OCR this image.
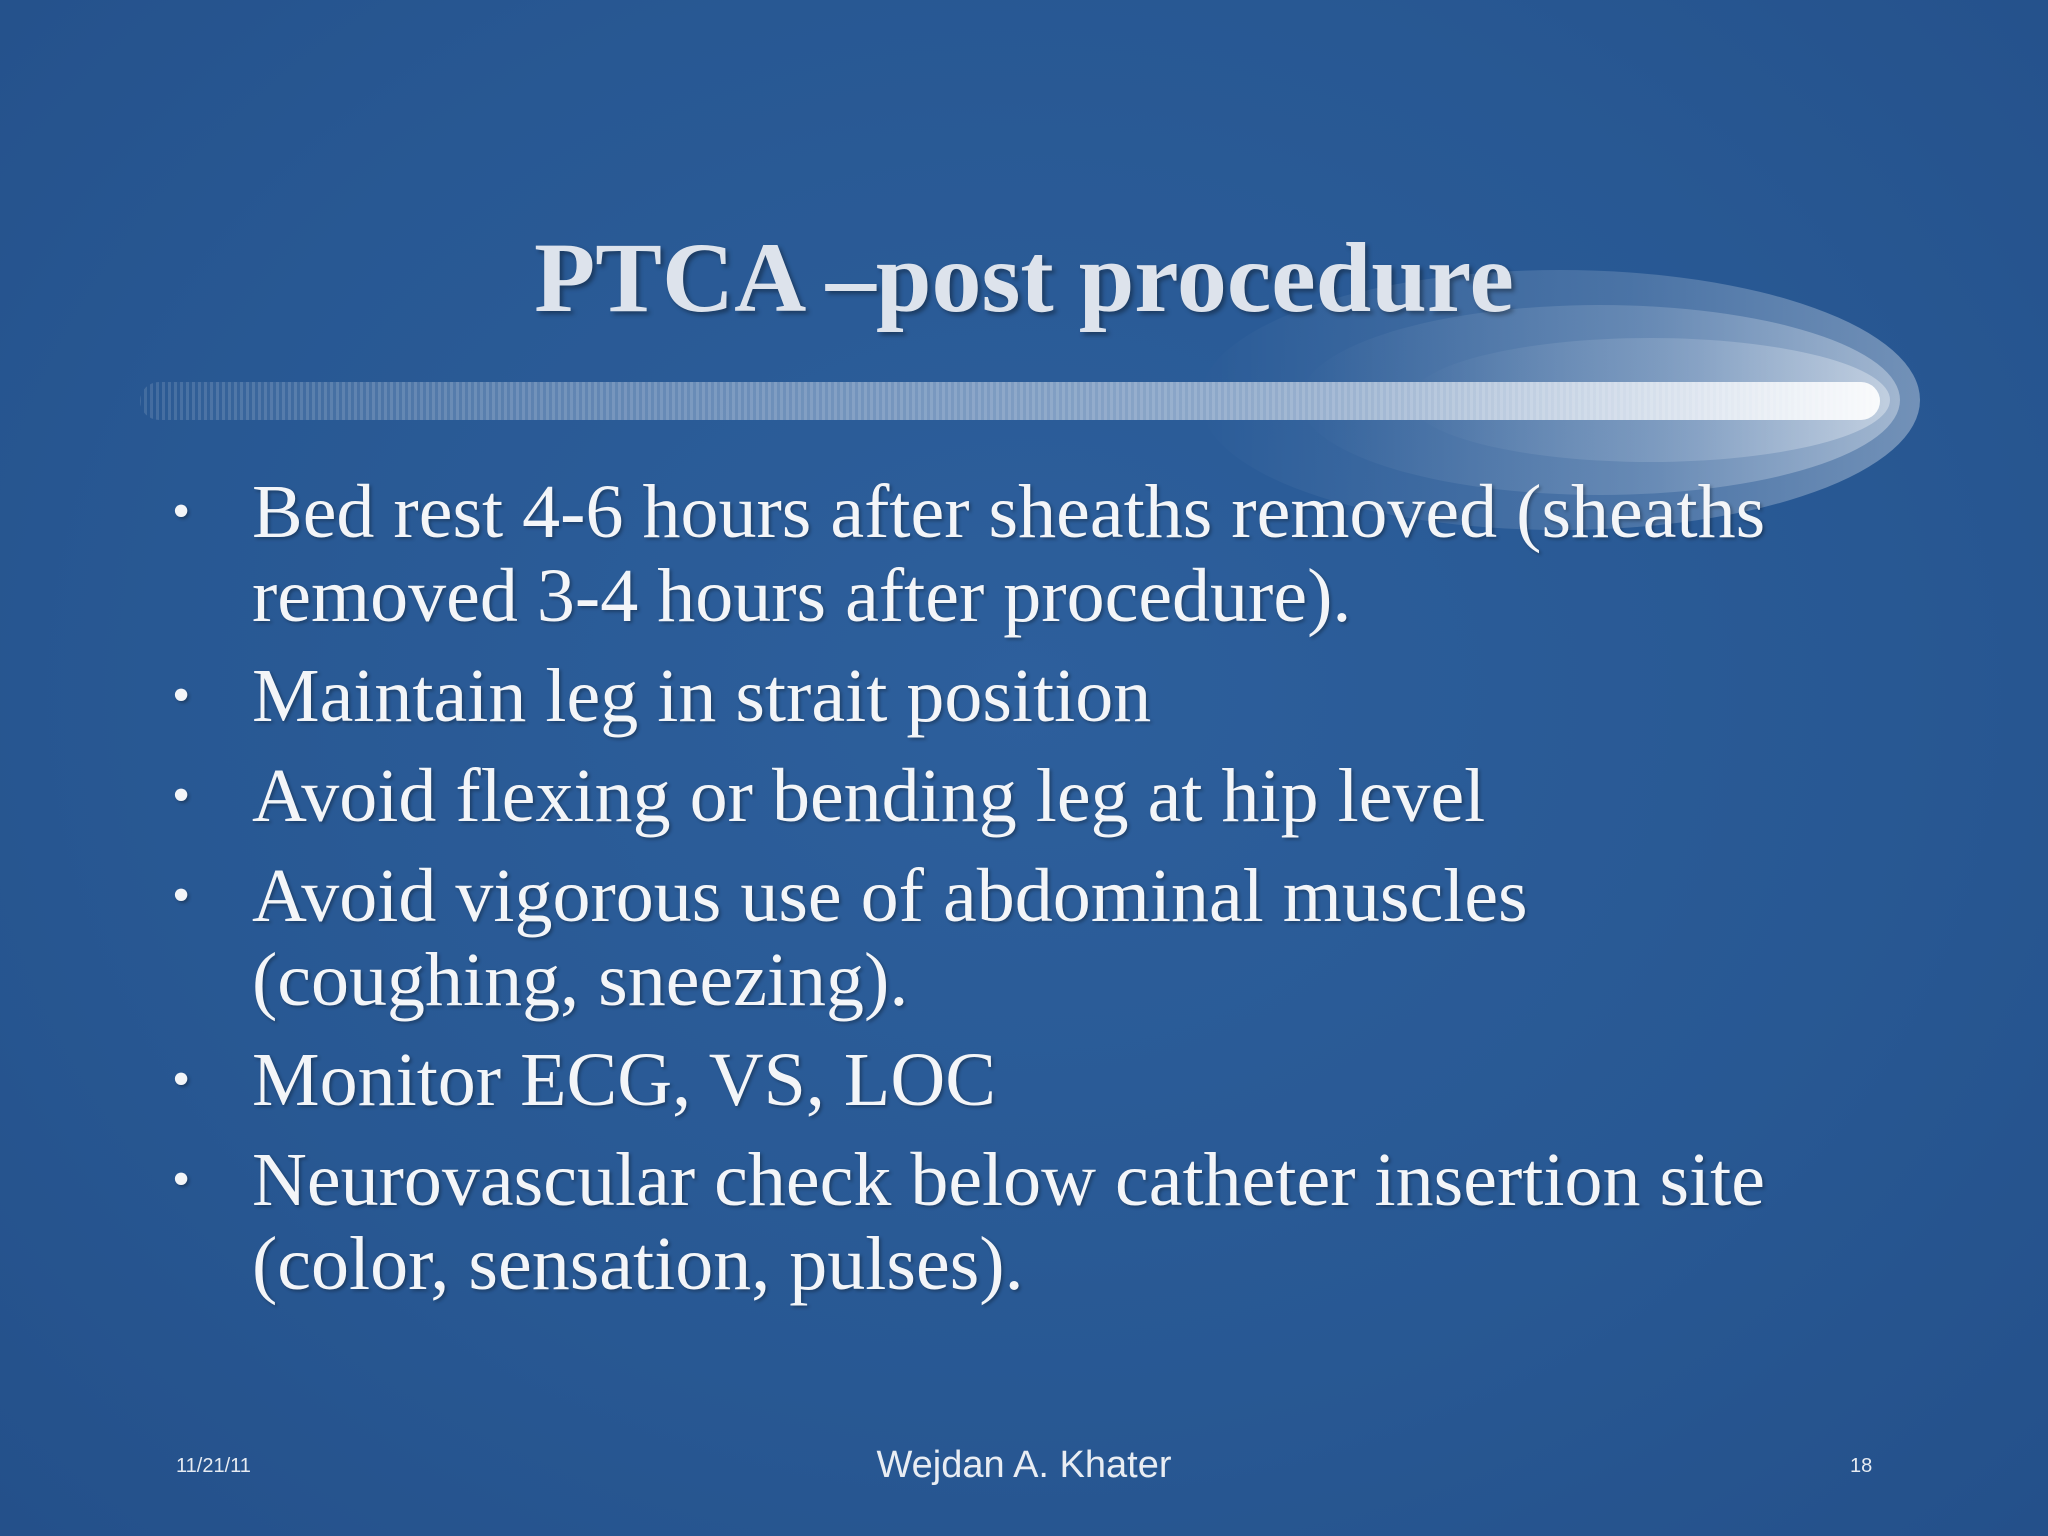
PTCA –post procedure
• Bed rest 4-6 hours after sheaths removed (sheaths removed 3-4 hours after procedure).
• Maintain leg in strait position
• Avoid flexing or bending leg at hip level
• Avoid vigorous use of abdominal muscles (coughing, sneezing).
• Monitor ECG, VS, LOC
• Neurovascular check below catheter insertion site (color, sensation, pulses).
11/21/11	Wejdan A. Khater	18
